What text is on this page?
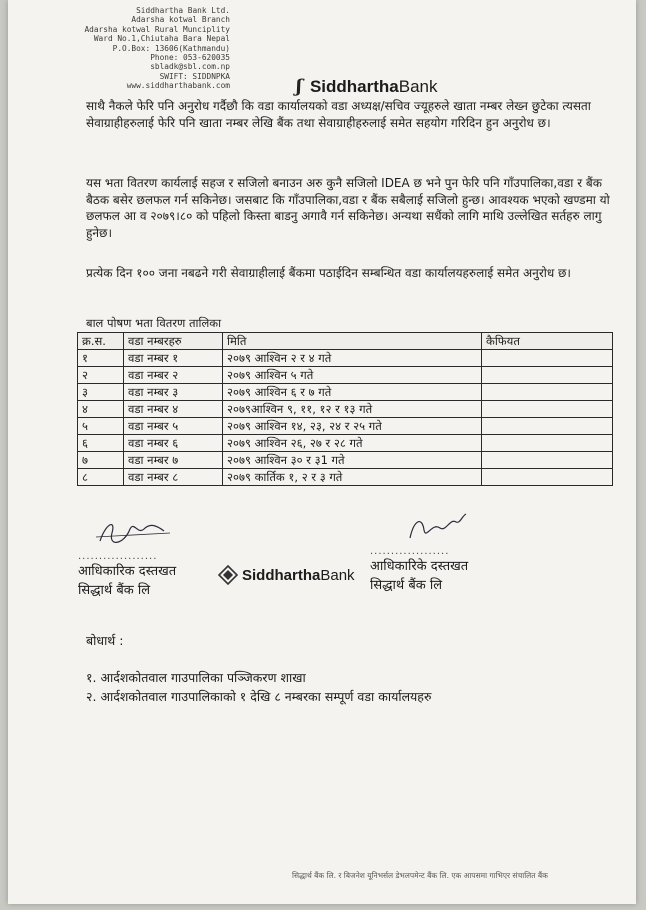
Siddhartha Bank Ltd.
Adarsha kotwal Branch
Adarsha kotwal Rural Munciplity
Ward No.1,Chiutaha Bara Nepal
P.O.Box: 13606(Kathmandu)
Phone: 053-620035
sbladk@sbl.com.np
SWIFT: SIDDNPKA
www.siddharthabank.com	ʃ SiddharthaBank
साथै नैकले फेरि पनि अनुरोध गर्दैछौ कि वडा कार्यालयको वडा अध्यक्ष/सचिव ज्यूहरुले खाता नम्बर लेख्न छुटेका त्यसता सेवाग्राहीहरुलाई फेरि पनि खाता नम्बर लेखि बैंक तथा सेवाग्राहीहरुलाई समेत सहयोग गरिदिन हुन अनुरोध छ।
यस भता वितरण कार्यलाई सहज र सजिलो बनाउन अरु कुनै सजिलो IDEA छ भने पुन फेरि पनि गाँउपालिका,वडा र बैंक बैठक बसेर छलफल गर्न सकिनेछ। जसबाट कि गाँउपालिका,वडा र बैंक सबैलाई सजिलो हुन्छ। आवश्यक भएको खण्डमा यो छलफल आ व २०७९।८० को पहिलो किस्ता बाडनु अगावै गर्न सकिनेछ। अन्यथा सधैंको लागि माथि उल्लेखित सर्तहरु लागु हुनेछ।
प्रत्येक दिन १०० जना नबढने गरी सेवाग्राहीलाई बैंकमा पठाईदिन सम्बन्धित वडा कार्यालयहरुलाई समेत अनुरोध छ।
बाल पोषण भता वितरण तालिका
क्र.स.	वडा नम्बरहरु	मिति	कैफियत
१	वडा नम्बर १	२०७९ आश्विन २ र ४ गते	
२	वडा नम्बर २	२०७९ आश्विन ५ गते	
३	वडा नम्बर ३	२०७९ आश्विन ६ र ७ गते	
४	वडा नम्बर ४	२०७९आश्विन ९, ११, १२ र १३ गते	
५	वडा नम्बर ५	२०७९ आश्विन १४, २३, २४ र २५ गते	
६	वडा नम्बर ६	२०७९ आश्विन २६, २७ र २८ गते	
७	वडा नम्बर ७	२०७९ आश्विन ३० र ३1 गते	
८	वडा नम्बर ८	२०७९ कार्तिक १, २ र ३ गते	
...................
आधिकारिक दस्तखत
सिद्धार्थ बैंक लि
SiddharthaBank
...................
आधिकारिके दस्तखत
सिद्धार्थ बैंक लि
बोधार्थ :
१. आर्दशकोतवाल गाउपालिका पञ्जिकरण शाखा
२. आर्दशकोतवाल गाउपालिकाको १ देखि ८ नम्बरका सम्पूर्ण वडा कार्यालयहरु
सिद्धार्थ बैंक लि. र बिजनेश यूनिभर्सल डेभलपमेन्ट बैंक लि. एक आपसमा गाभिएर संचालित बैंक
